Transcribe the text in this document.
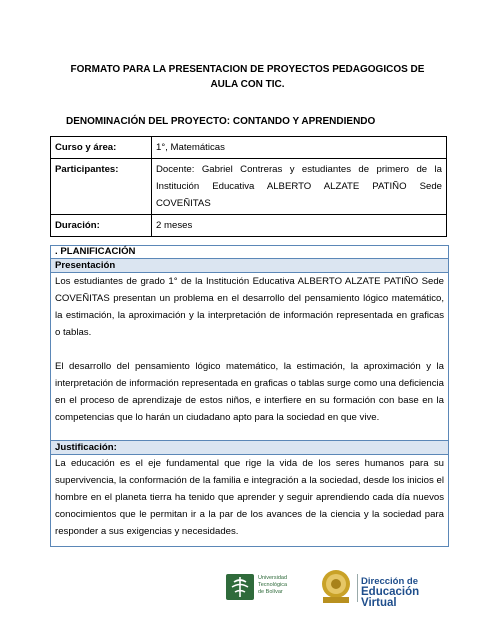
FORMATO PARA LA PRESENTACION DE PROYECTOS PEDAGOGICOS DE
AULA CON TIC.
DENOMINACIÓN DEL PROYECTO: CONTANDO Y APRENDIENDO
Curso y área:	1°, Matemáticas
Participantes:	Docente: Gabriel Contreras y estudiantes de primero de la Institución Educativa ALBERTO ALZATE PATIÑO Sede COVEÑITAS
Duración:	2 meses
. PLANIFICACIÓN
Presentación

Los estudiantes de grado 1° de la Institución Educativa ALBERTO ALZATE PATIÑO Sede COVEÑITAS presentan un problema en el desarrollo del pensamiento lógico matemático, la estimación, la aproximación y la interpretación de información representada en graficas o tablas.

El desarrollo del pensamiento lógico matemático, la estimación, la aproximación y la interpretación de información representada en graficas o tablas surge como una deficiencia en el proceso de aprendizaje de estos niños, e interfiere en su formación con base en la competencias que lo harán un ciudadano apto para la sociedad en que vive.

Justificación:

La educación es el eje fundamental que rige la vida de los seres humanos para su supervivencia, la conformación de la familia e integración a la sociedad, desde los inicios el hombre en el planeta tierra ha tenido que aprender y seguir aprendiendo cada día nuevos conocimientos que le permitan ir a la par de los avances de la ciencia y la sociedad para responder a sus exigencias y necesidades.

Universidad
Tecnológica
de Bolívar
Dirección de
Educación Virtual
